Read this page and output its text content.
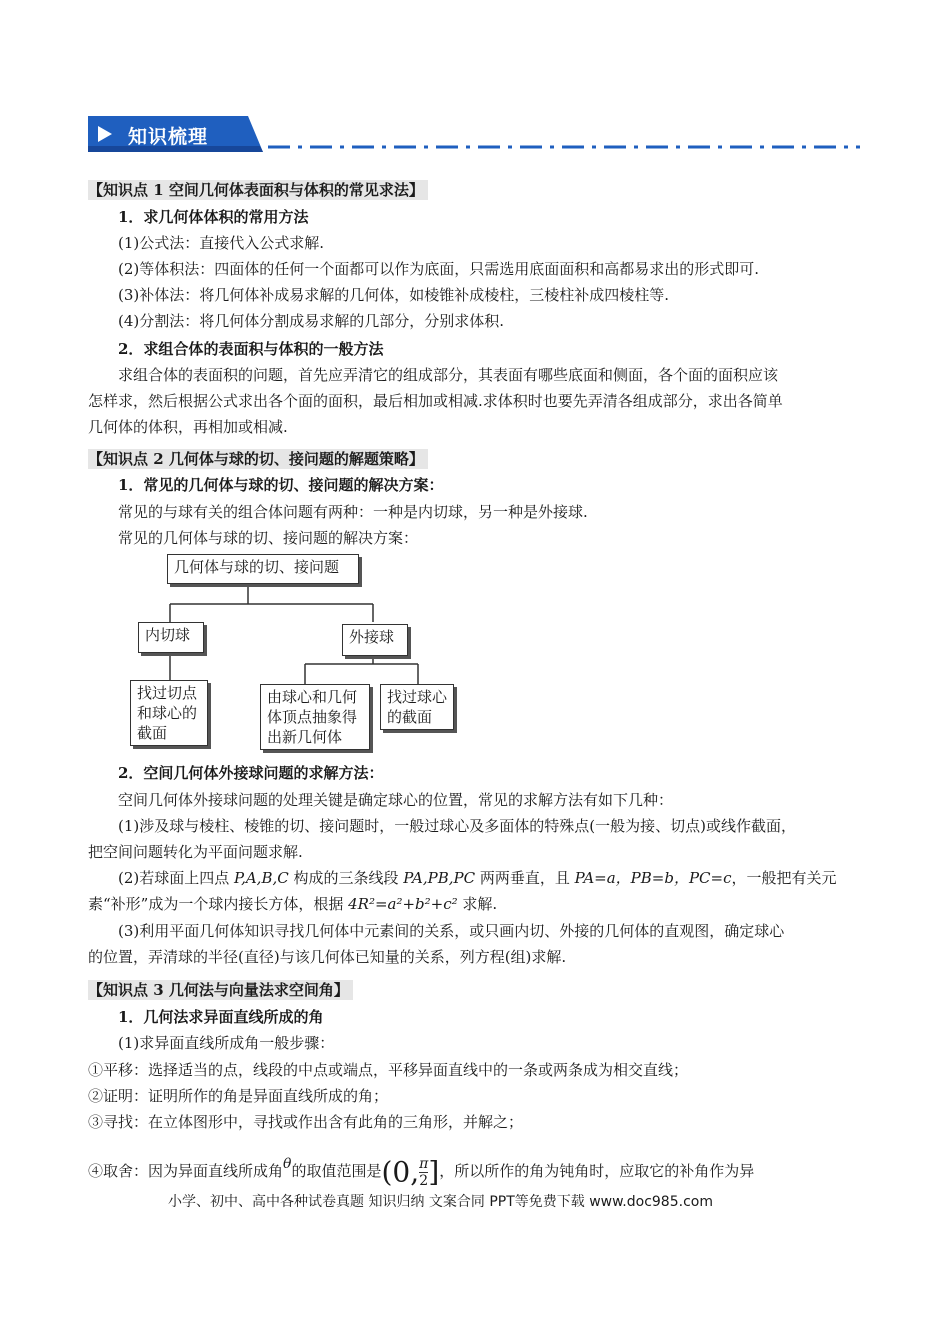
知识梳理
【知识点 1 空间几何体表面积与体积的常见求法】
1．求几何体体积的常用方法
(1)公式法：直接代入公式求解.
(2)等体积法：四面体的任何一个面都可以作为底面，只需选用底面面积和高都易求出的形式即可.
(3)补体法：将几何体补成易求解的几何体，如棱锥补成棱柱，三棱柱补成四棱柱等.
(4)分割法：将几何体分割成易求解的几部分，分别求体积.
2．求组合体的表面积与体积的一般方法
求组合体的表面积的问题，首先应弄清它的组成部分，其表面有哪些底面和侧面，各个面的面积应该
怎样求，然后根据公式求出各个面的面积，最后相加或相减.求体积时也要先弄清各组成部分，求出各简单
几何体的体积，再相加或相减.
【知识点 2 几何体与球的切、接问题的解题策略】
1．常见的几何体与球的切、接问题的解决方案：
常见的与球有关的组合体问题有两种：一种是内切球，另一种是外接球.
常见的几何体与球的切、接问题的解决方案：
几何体与球的切、接问题
内切球	外接球
找过切点
和球心的
截面
由球心和几何
体顶点抽象得
出新几何体
找过球心
的截面
2．空间几何体外接球问题的求解方法：
空间几何体外接球问题的处理关键是确定球心的位置，常见的求解方法有如下几种：
(1)涉及球与棱柱、棱锥的切、接问题时，一般过球心及多面体的特殊点(一般为接、切点)或线作截面，
把空间问题转化为平面问题求解.
(2)若球面上四点 P,A,B,C 构成的三条线段 PA,PB,PC 两两垂直，且 PA=a，PB=b，PC=c，一般把有关元
素“补形”成为一个球内接长方体，根据 4R²=a²+b²+c² 求解.
(3)利用平面几何体知识寻找几何体中元素间的关系，或只画内切、外接的几何体的直观图，确定球心
的位置，弄清球的半径(直径)与该几何体已知量的关系，列方程(组)求解.
【知识点 3 几何法与向量法求空间角】
1．几何法求异面直线所成的角
(1)求异面直线所成角一般步骤：
①平移：选择适当的点，线段的中点或端点，平移异面直线中的一条或两条成为相交直线；
②证明：证明所作的角是异面直线所成的角；
③寻找：在立体图形中，寻找或作出含有此角的三角形，并解之；
④取舍：因为异面直线所成角θ的取值范围是(0, $\frac{\pi}{2}$ ]，所以所作的角为钝角时，应取它的补角作为异
小学、初中、高中各种试卷真题 知识归纳 文案合同 PPT等免费下载 www.doc985.com
